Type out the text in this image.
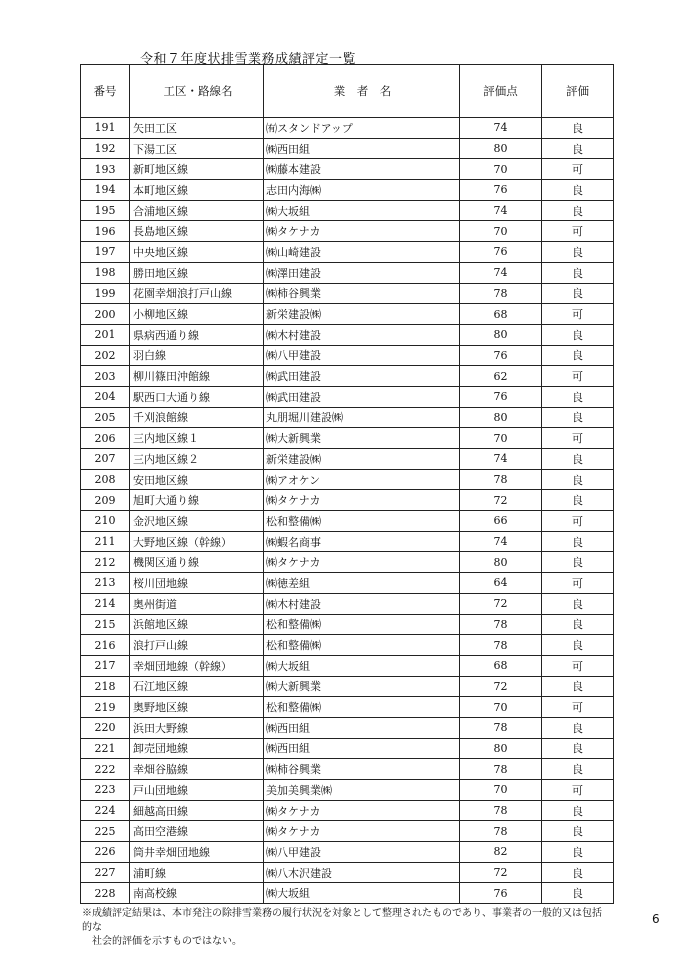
令和７年度状排雪業務成績評定一覧
番号	工区・路線名	業　者　名	評価点	評価
191	矢田工区	㈲スタンドアップ	74	良
192	下湯工区	㈱西田組	80	良
193	新町地区線	㈱藤本建設	70	可
194	本町地区線	志田内海㈱	76	良
195	合浦地区線	㈱大坂組	74	良
196	長島地区線	㈱タケナカ	70	可
197	中央地区線	㈱山崎建設	76	良
198	勝田地区線	㈱澤田建設	74	良
199	花園幸畑浪打戸山線	㈱柿谷興業	78	良
200	小柳地区線	新栄建設㈱	68	可
201	県病西通り線	㈱木村建設	80	良
202	羽白線	㈱八甲建設	76	良
203	柳川篠田沖館線	㈱武田建設	62	可
204	駅西口大通り線	㈱武田建設	76	良
205	千刈浪館線	丸朋堀川建設㈱	80	良
206	三内地区線１	㈱大新興業	70	可
207	三内地区線２	新栄建設㈱	74	良
208	安田地区線	㈱アオケン	78	良
209	旭町大通り線	㈱タケナカ	72	良
210	金沢地区線	松和整備㈱	66	可
211	大野地区線（幹線）	㈱蝦名商事	74	良
212	機関区通り線	㈱タケナカ	80	良
213	桜川団地線	㈱徳差組	64	可
214	奥州街道	㈱木村建設	72	良
215	浜館地区線	松和整備㈱	78	良
216	浪打戸山線	松和整備㈱	78	良
217	幸畑団地線（幹線）	㈱大坂組	68	可
218	石江地区線	㈱大新興業	72	良
219	奥野地区線	松和整備㈱	70	可
220	浜田大野線	㈱西田組	78	良
221	卸売団地線	㈱西田組	80	良
222	幸畑谷脇線	㈱柿谷興業	78	良
223	戸山団地線	美加美興業㈱	70	可
224	細越高田線	㈱タケナカ	78	良
225	高田空港線	㈱タケナカ	78	良
226	筒井幸畑団地線	㈱八甲建設	82	良
227	浦町線	㈱八木沢建設	72	良
228	南高校線	㈱大坂組	76	良
※成績評定結果は、本市発注の除排雪業務の履行状況を対象として整理されたものであり、事業者の一般的又は包括的な
社会的評価を示すものではない。
6
